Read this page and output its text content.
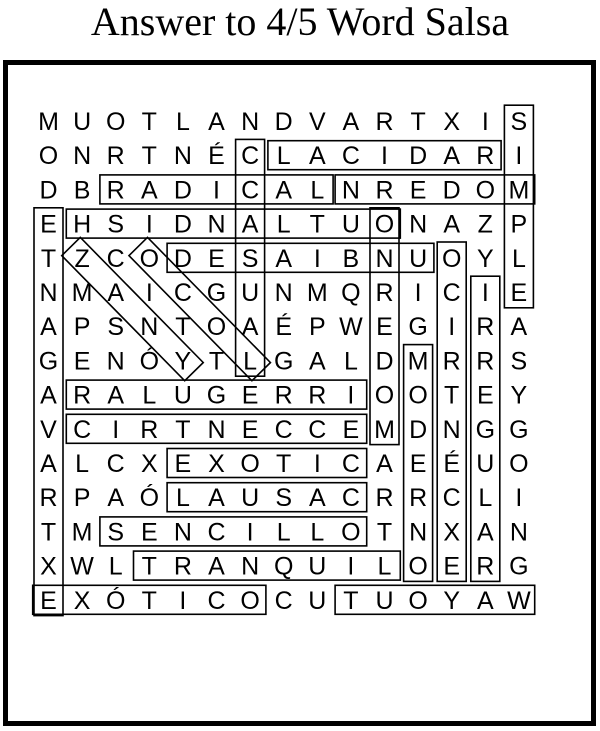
Answer to 4/5 Word Salsa
M U O T L A N D V A R T X I S
O N R T N É C L A C I D A R I
D B R A D I C A L N R E D O M
E H S I D N A L T U O N A Z P
T Z C O D E S A I B N U O Y L
N M A I C G U N M Q R I C I E
A P S N T O A É P W E G I R A
G E N Ó Y T L G A L D M R R S
A R A L U G E R R I O O T E Y
V C I R T N E C C E M D N G G
A L C X E X O T I C A E É U O
R P A Ó L A U S A C R R C L I
T M S E N C I L L O T N X A N
X W L T R A N Q U I L O E R G
E X Ó T I C O C U T U O Y A W
